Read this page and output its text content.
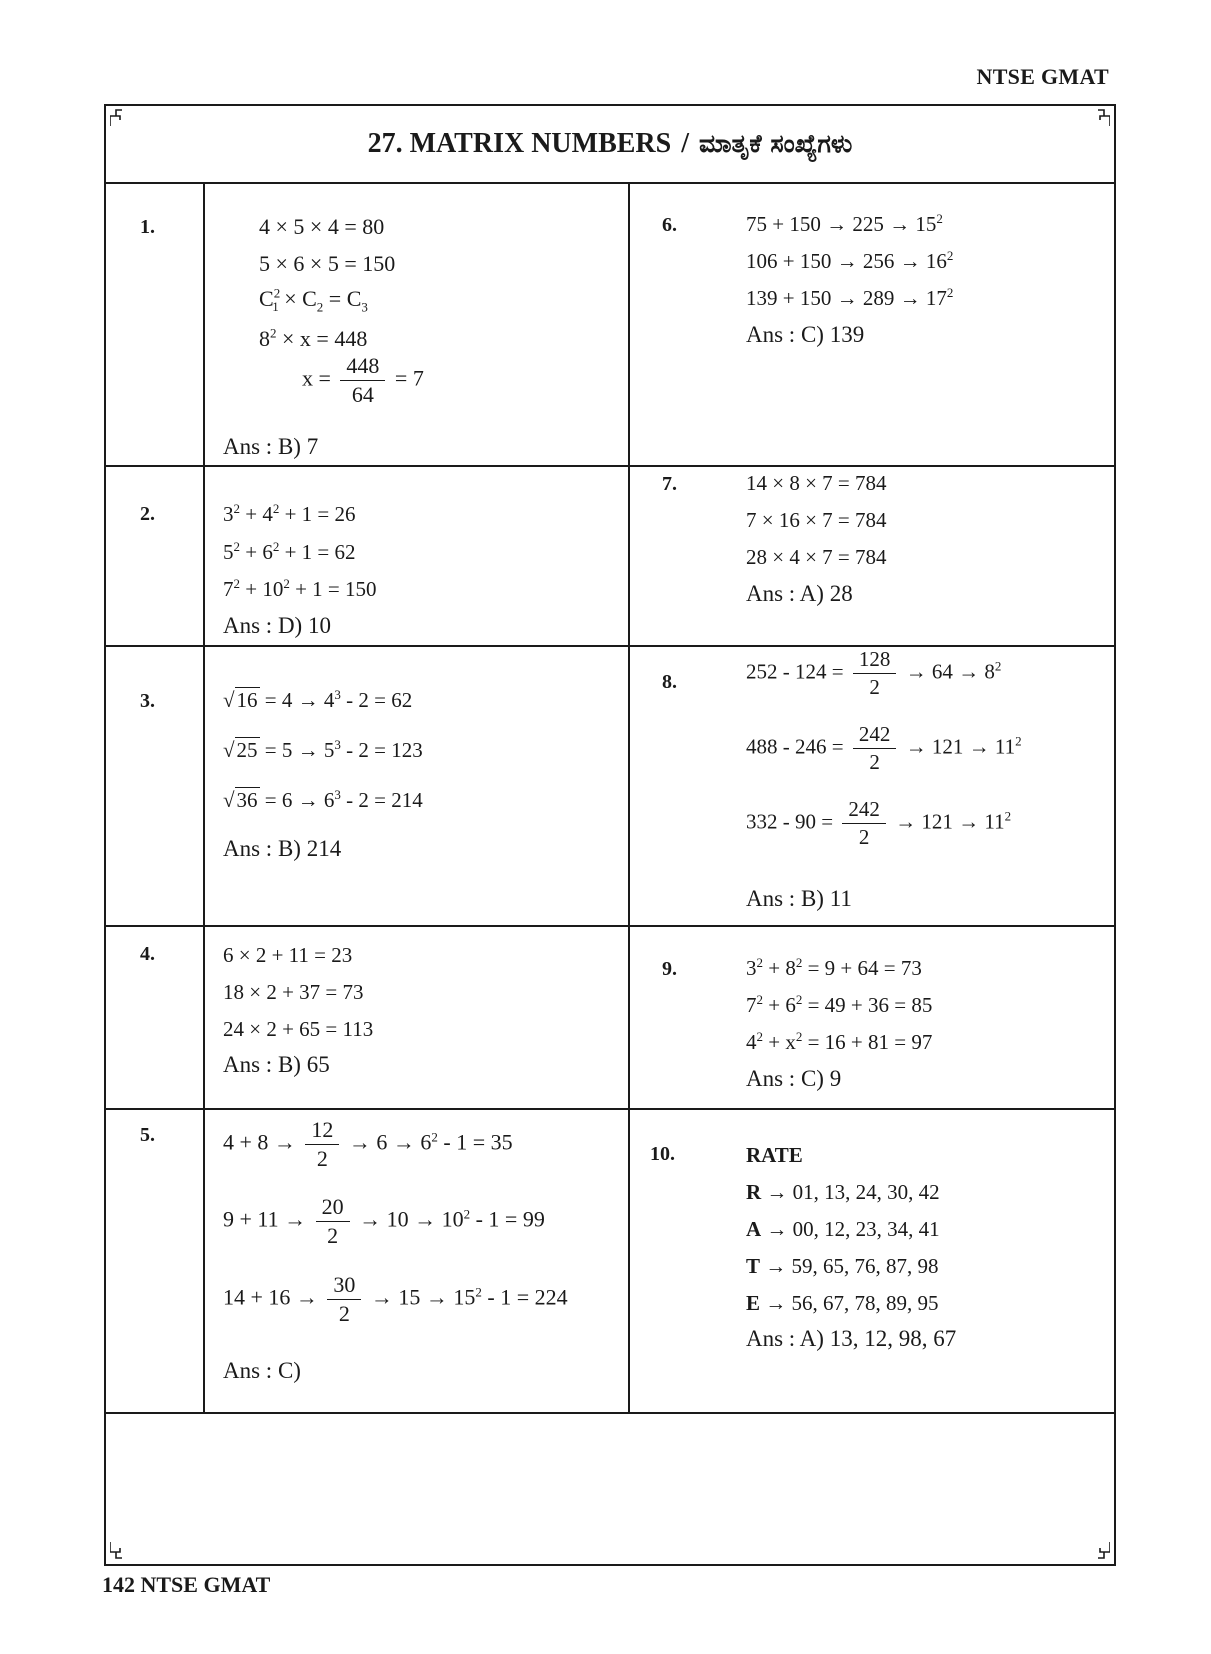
NTSE GMAT
142 NTSE GMAT
27. MATRIX NUMBERS / ಮಾತೃಕೆ ಸಂಖ್ಯೆಗಳು
1.	4 × 5 × 4 = 80
5 × 6 × 5 = 150
$C^2_1 \times C_2 = C_3$
$8^2 \times x = 448$
$x = \frac{448}{64} = 7$
Ans : B) 7
2.	$3^2 + 4^2 + 1 = 26$
$5^2 + 6^2 + 1 = 62$
$7^2 + 10^2 + 1 = 150$
Ans : D) 10
3.	$√16 = 4 \to 4^3 - 2 = 62$
$√25 = 5 \to 5^3 - 2 = 123$
$√36 = 6 \to 6^3 - 2 = 214$
Ans : B) 214
4.	6 × 2 + 11 = 23
18 × 2 + 37 = 73
24 × 2 + 65 = 113
Ans : B) 65
5.	$4 + 8 \to \frac{12}{2} \to 6 \to 6^2 - 1 = 35$
$9 + 11 \to \frac{20}{2} \to 10 \to 10^2 - 1 = 99$
$14 + 16 \to \frac{30}{2} \to 15 \to 15^2 - 1 = 224$
Ans : C)
6.	$75 + 150 \to 225 \to 15^2$
$106 + 150 \to 256 \to 16^2$
$139 + 150 \to 289 \to 17^2$
Ans : C) 139
7.	14 × 8 × 7 = 784
7 × 16 × 7 = 784
28 × 4 × 7 = 784
Ans : A) 28
8.	$252 - 124 = \frac{128}{2} \to 64 \to 8^2$
$488 - 246 = \frac{242}{2} \to 121 \to 11^2$
$332 - 90 = \frac{242}{2} \to 121 \to 11^2$
Ans : B) 11
9.	$3^2 + 8^2 = 9 + 64 = 73$
$7^2 + 6^2 = 49 + 36 = 85$
$4^2 + x^2 = 16 + 81 = 97$
Ans : C) 9
10.	RATE
R → 01, 13, 24, 30, 42
A → 00, 12, 23, 34, 41
T → 59, 65, 76, 87, 98
E → 56, 67, 78, 89, 95
Ans : A) 13, 12, 98, 67
